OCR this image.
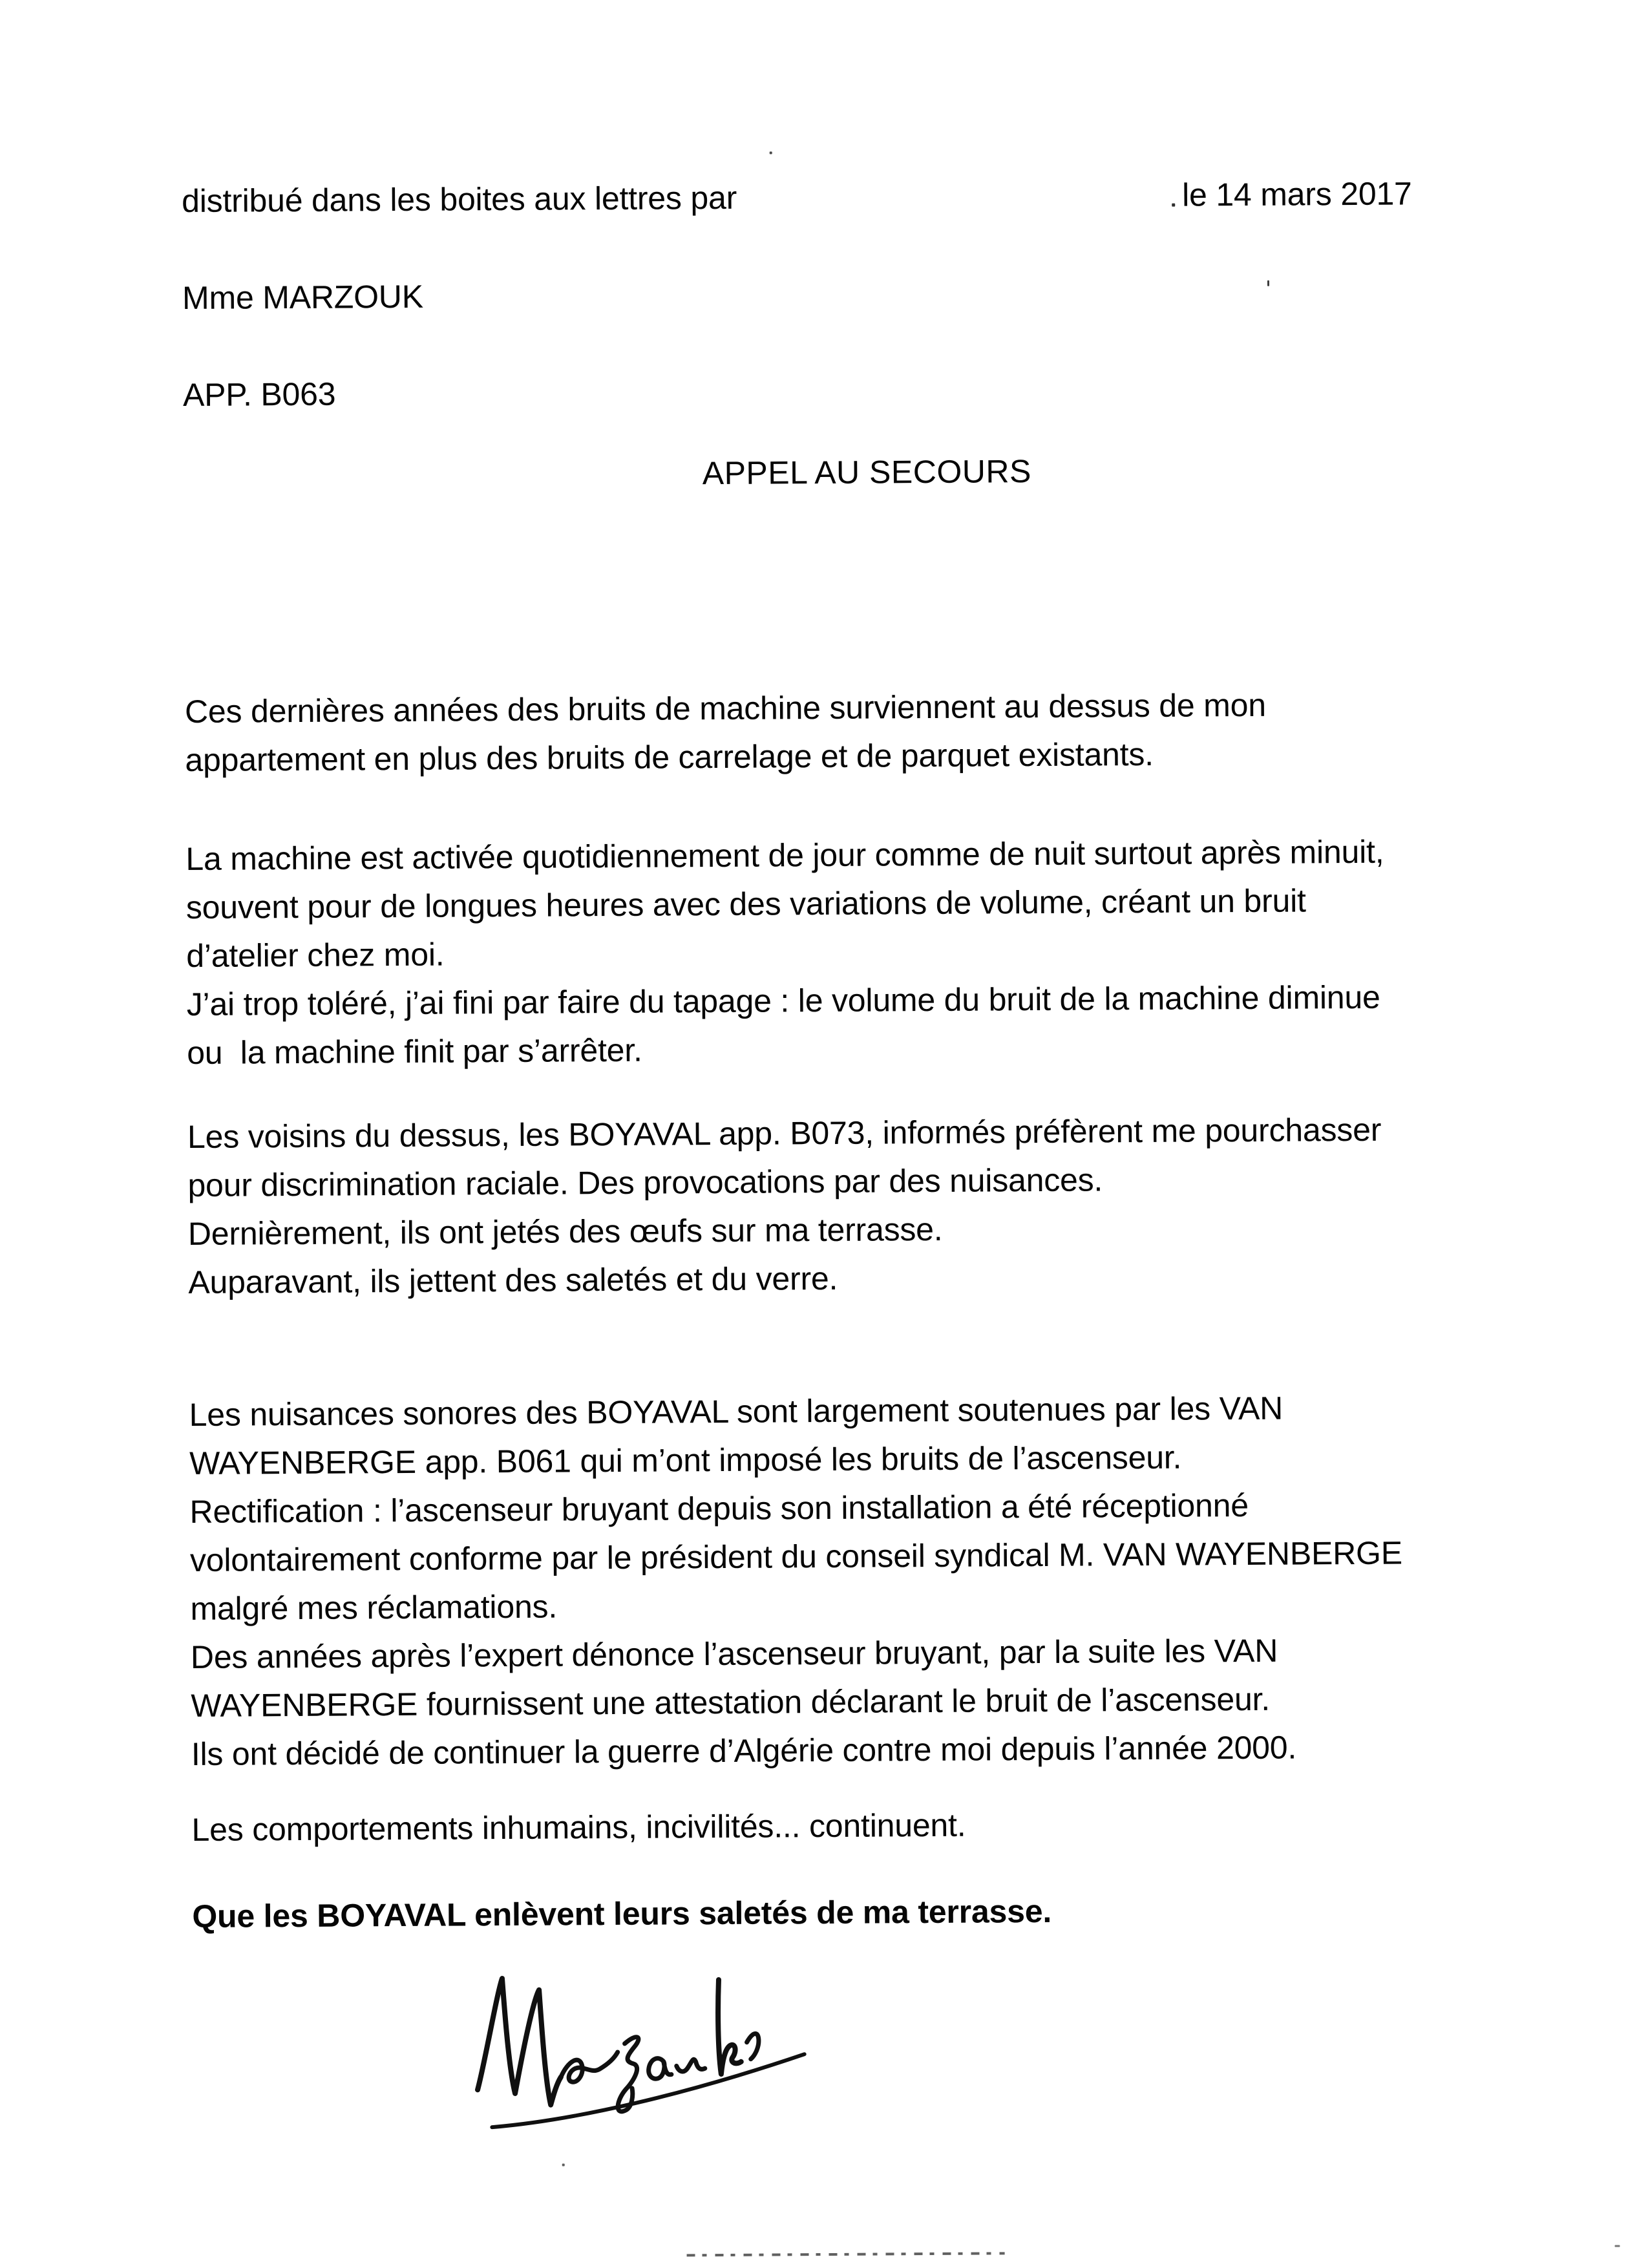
distribué dans les boites aux lettres par

Mme MARZOUK

APP. B063
le 14 mars 2017
APPEL AU SECOURS
Ces dernières années des bruits de machine surviennent au dessus de mon
appartement en plus des bruits de carrelage et de parquet existants.
La machine est activée quotidiennement de jour comme de nuit surtout après minuit,
souvent pour de longues heures avec des variations de volume, créant un bruit
d’atelier chez moi.
J’ai trop toléré, j’ai fini par faire du tapage : le volume du bruit de la machine diminue
ou  la machine finit par s’arrêter.
Les voisins du dessus, les BOYAVAL app. B073, informés préfèrent me pourchasser
pour discrimination raciale. Des provocations par des nuisances.
Dernièrement, ils ont jetés des œufs sur ma terrasse.
Auparavant, ils jettent des saletés et du verre.
Les nuisances sonores des BOYAVAL sont largement soutenues par les VAN
WAYENBERGE app. B061 qui m’ont imposé les bruits de l’ascenseur.
Rectification : l’ascenseur bruyant depuis son installation a été réceptionné
volontairement conforme par le président du conseil syndical M. VAN WAYENBERGE
malgré mes réclamations.
Des années après l’expert dénonce l’ascenseur bruyant, par la suite les VAN
WAYENBERGE fournissent une attestation déclarant le bruit de l’ascenseur.
Ils ont décidé de continuer la guerre d’Algérie contre moi depuis l’année 2000.
Les comportements inhumains, incivilités... continuent.
Que les BOYAVAL enlèvent leurs saletés de ma terrasse.
